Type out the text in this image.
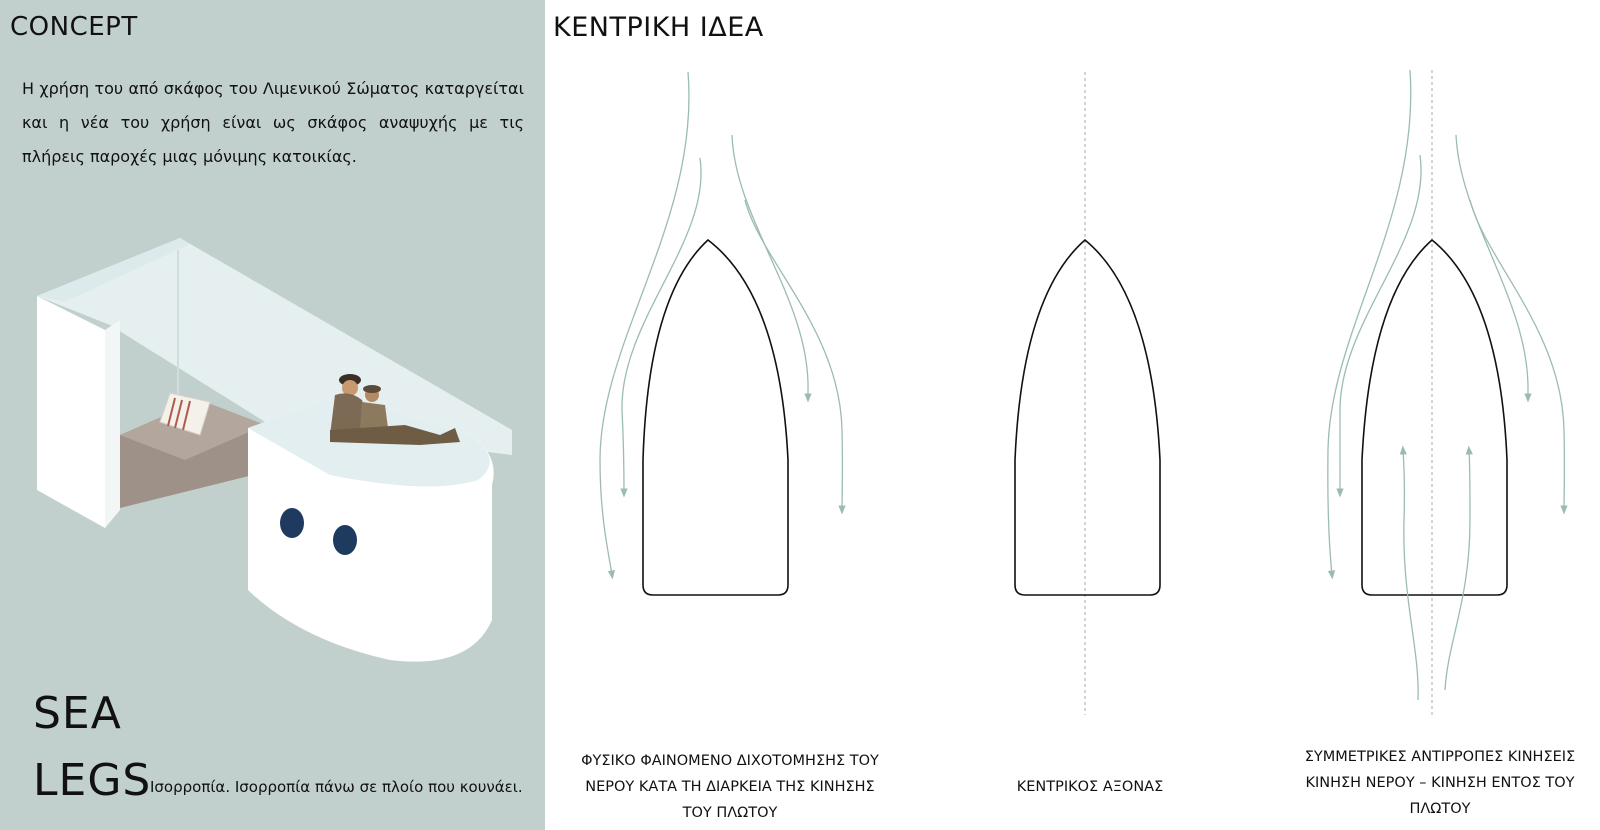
CONCEPT
Η χρήση του από σκάφος του Λιμενικού Σώματος καταργείται και η νέα του χρήση είναι ως σκάφος αναψυχής με τις πλήρεις παροχές μιας μόνιμης κατοικίας.
SEA
LEGS
Ισορροπία. Ισορροπία πάνω σε πλοίο που κουνάει.
ΚΕΝΤΡΙΚΗ ΙΔΕΑ
ΦΥΣΙΚΟ ΦΑΙΝΟΜΕΝΟ ΔΙΧΟΤΟΜΗΣΗΣ ΤΟΥ ΝΕΡΟΥ ΚΑΤΑ ΤΗ ΔΙΑΡΚΕΙΑ ΤΗΣ ΚΙΝΗΣΗΣ ΤΟΥ ΠΛΩΤΟΥ
ΚΕΝΤΡΙΚΟΣ ΑΞΟΝΑΣ
ΣΥΜΜΕΤΡΙΚΕΣ ΑΝΤΙΡΡΟΠΕΣ ΚΙΝΗΣΕΙΣ ΚΙΝΗΣΗ ΝΕΡΟΥ – ΚΙΝΗΣΗ ΕΝΤΟΣ ΤΟΥ ΠΛΩΤΟΥ
